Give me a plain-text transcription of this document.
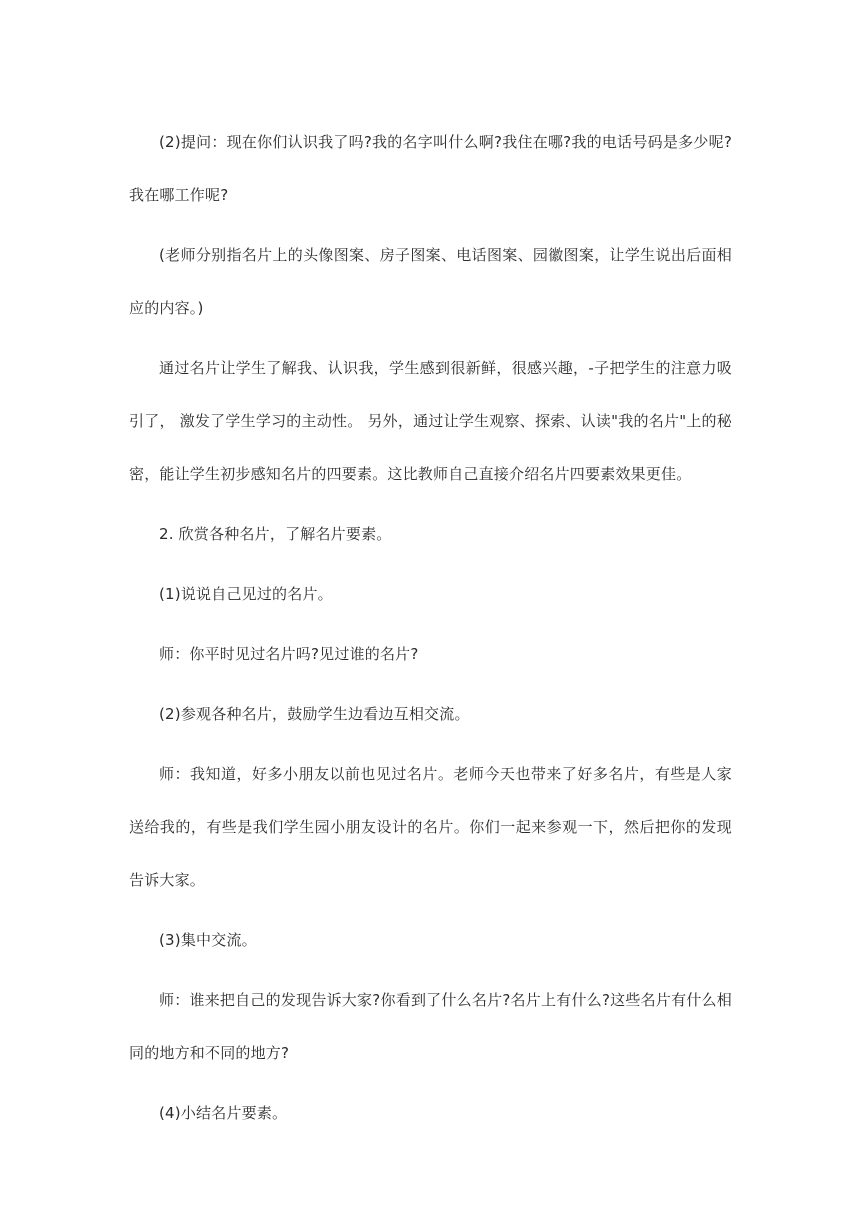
(2)提问：现在你们认识我了吗?我的名字叫什么啊?我住在哪?我的电话号码是多少呢?我在哪工作呢?

(老师分别指名片上的头像图案、房子图案、电话图案、园徽图案，让学生说出后面相应的内容。)

通过名片让学生了解我、认识我，学生感到很新鲜，很感兴趣，-子把学生的注意力吸引了， 激发了学生学习的主动性。 另外，通过让学生观察、探索、认读"我的名片"上的秘密，能让学生初步感知名片的四要素。这比教师自己直接介绍名片四要素效果更佳。

2. 欣赏各种名片，了解名片要素。

(1)说说自己见过的名片。

师：你平时见过名片吗?见过谁的名片?

(2)参观各种名片，鼓励学生边看边互相交流。

师：我知道，好多小朋友以前也见过名片。老师今天也带来了好多名片，有些是人家送给我的，有些是我们学生园小朋友设计的名片。你们一起来参观一下，然后把你的发现告诉大家。

(3)集中交流。

师：谁来把自己的发现告诉大家?你看到了什么名片?名片上有什么?这些名片有什么相同的地方和不同的地方?

(4)小结名片要素。
